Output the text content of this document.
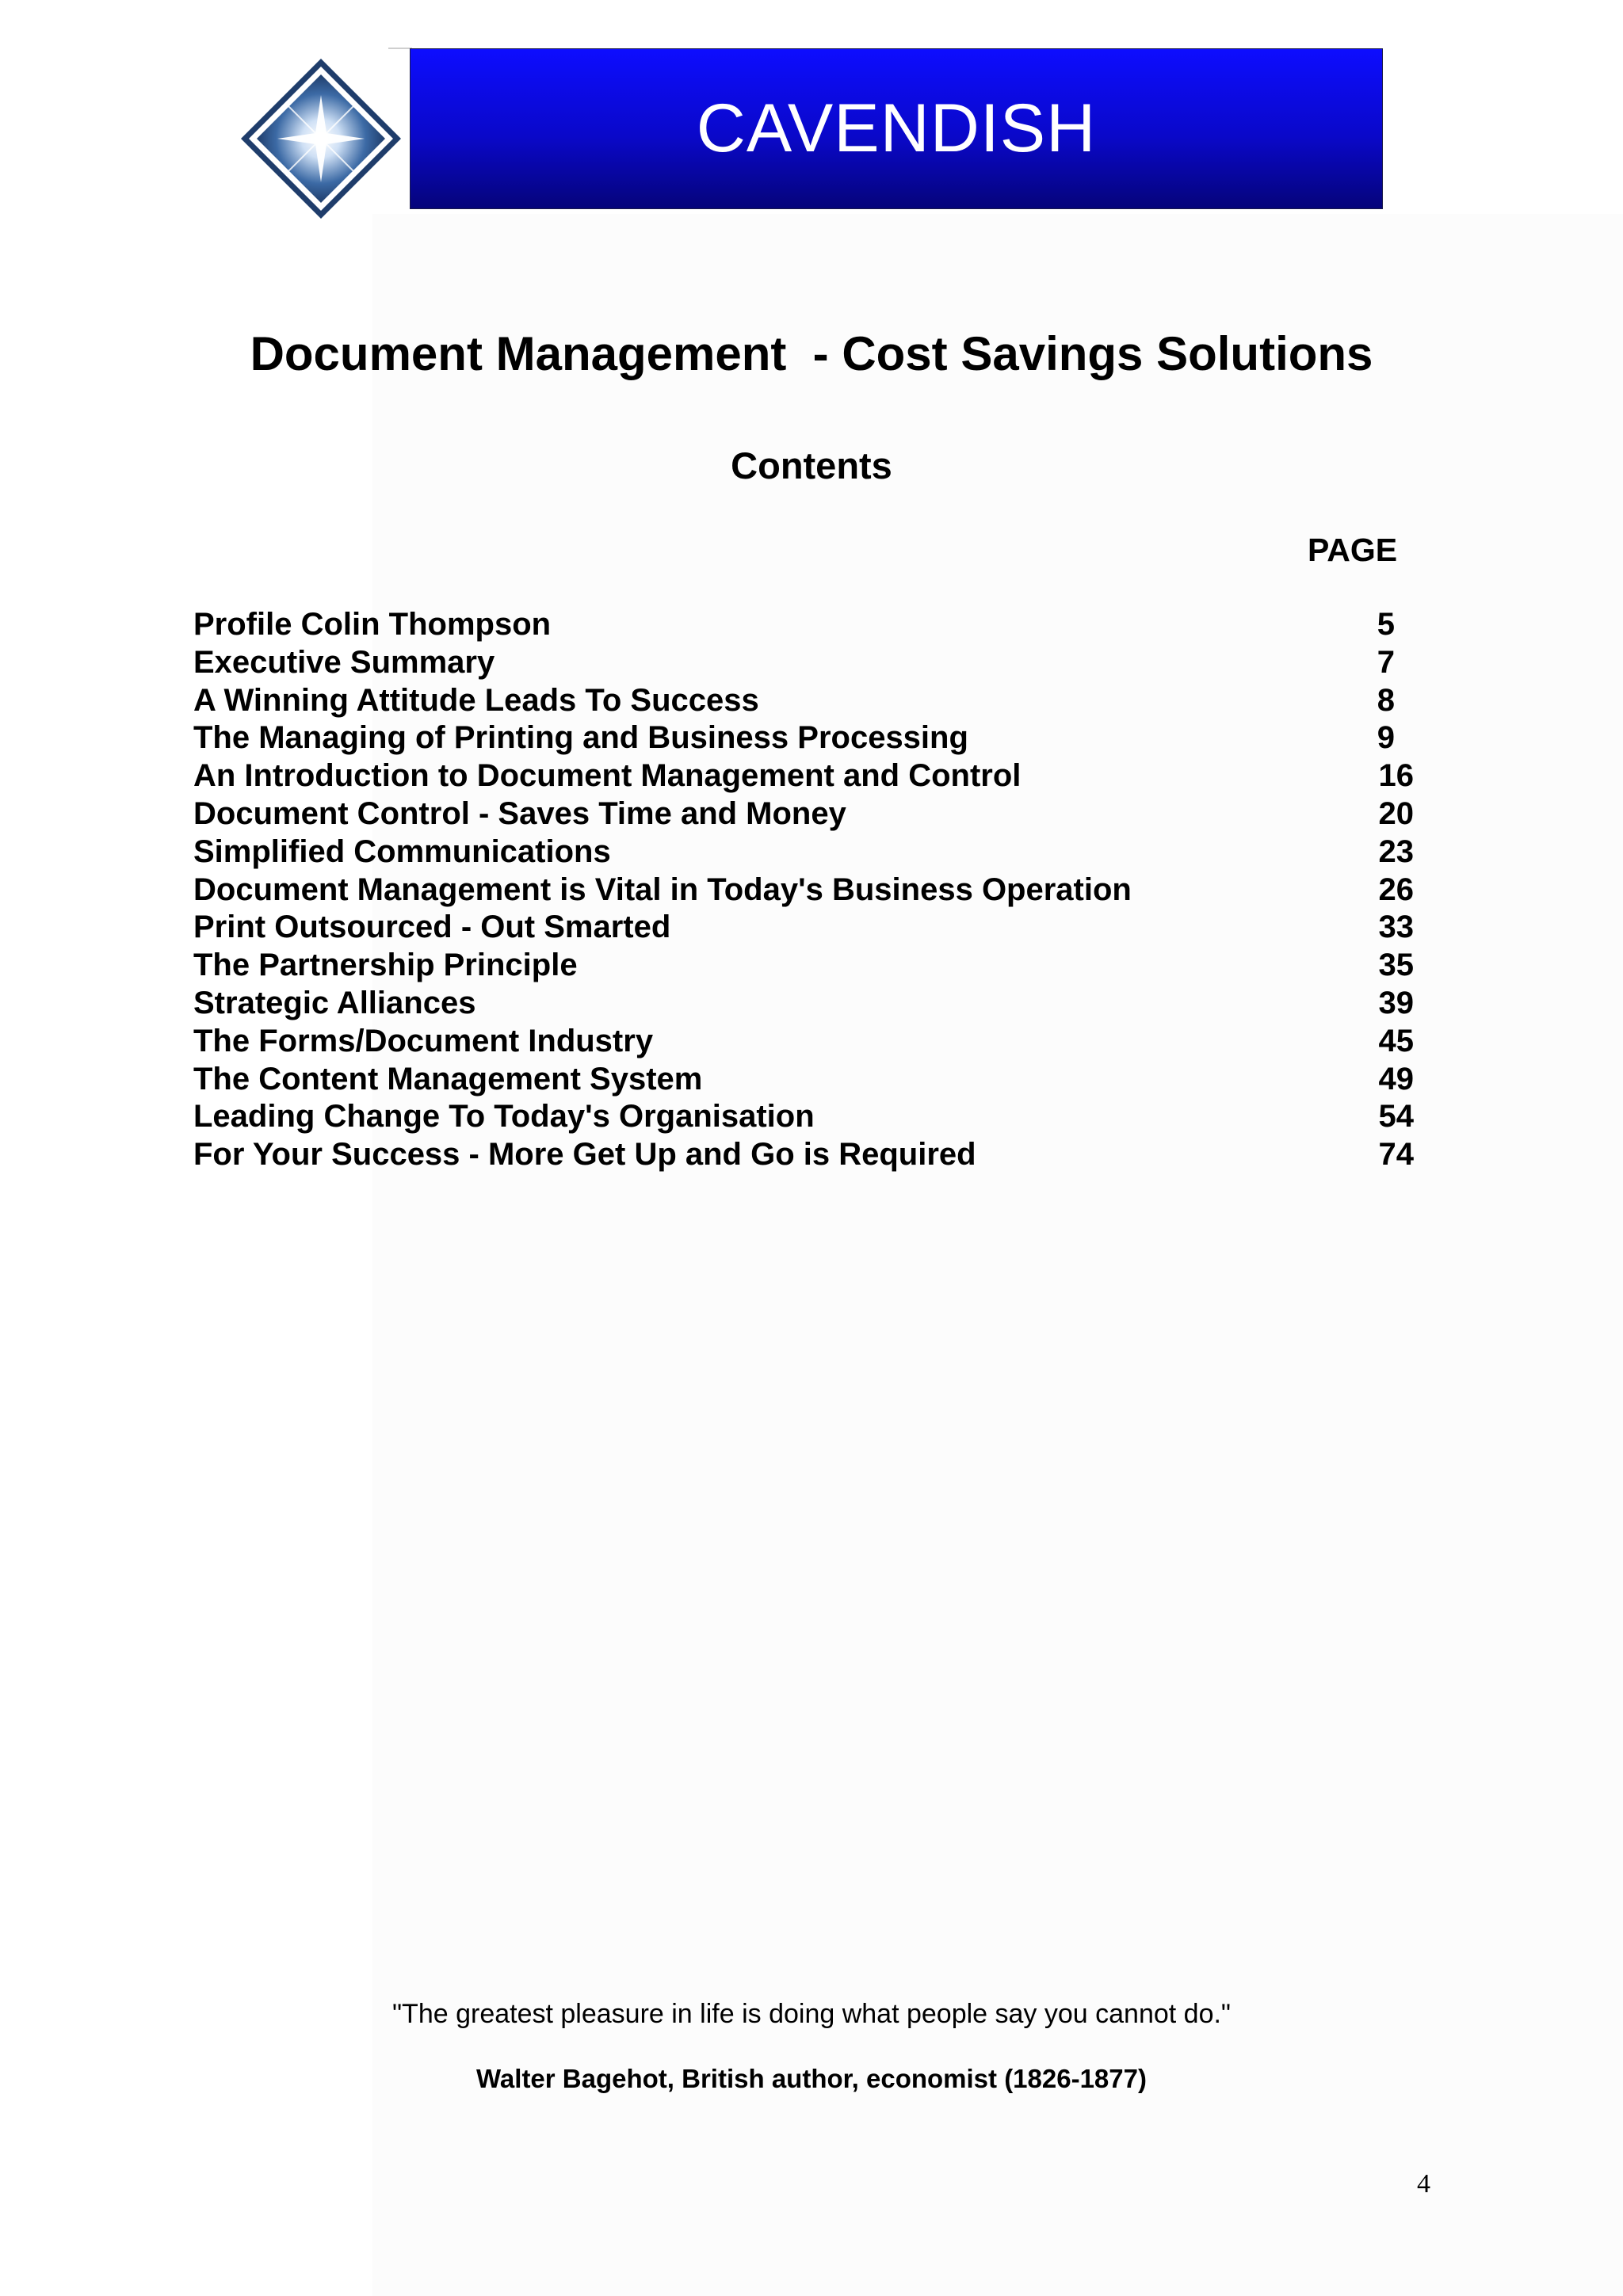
CAVENDISH
Document Management  - Cost Savings Solutions
Contents
PAGE
Profile Colin Thompson	5
Executive Summary	7
A Winning Attitude Leads To Success	8
The Managing of Printing and Business Processing	9
An Introduction to Document Management and Control	16
Document Control - Saves Time and Money	20
Simplified Communications	23
Document Management is Vital in Today's Business Operation	26
Print Outsourced - Out Smarted	33
The Partnership Principle	35
Strategic Alliances	39
The Forms/Document Industry	45
The Content Management System	49
Leading Change To Today's Organisation	54
For Your Success - More Get Up and Go is Required	74
"The greatest pleasure in life is doing what people say you cannot do."
Walter Bagehot, British author, economist (1826-1877)
4
